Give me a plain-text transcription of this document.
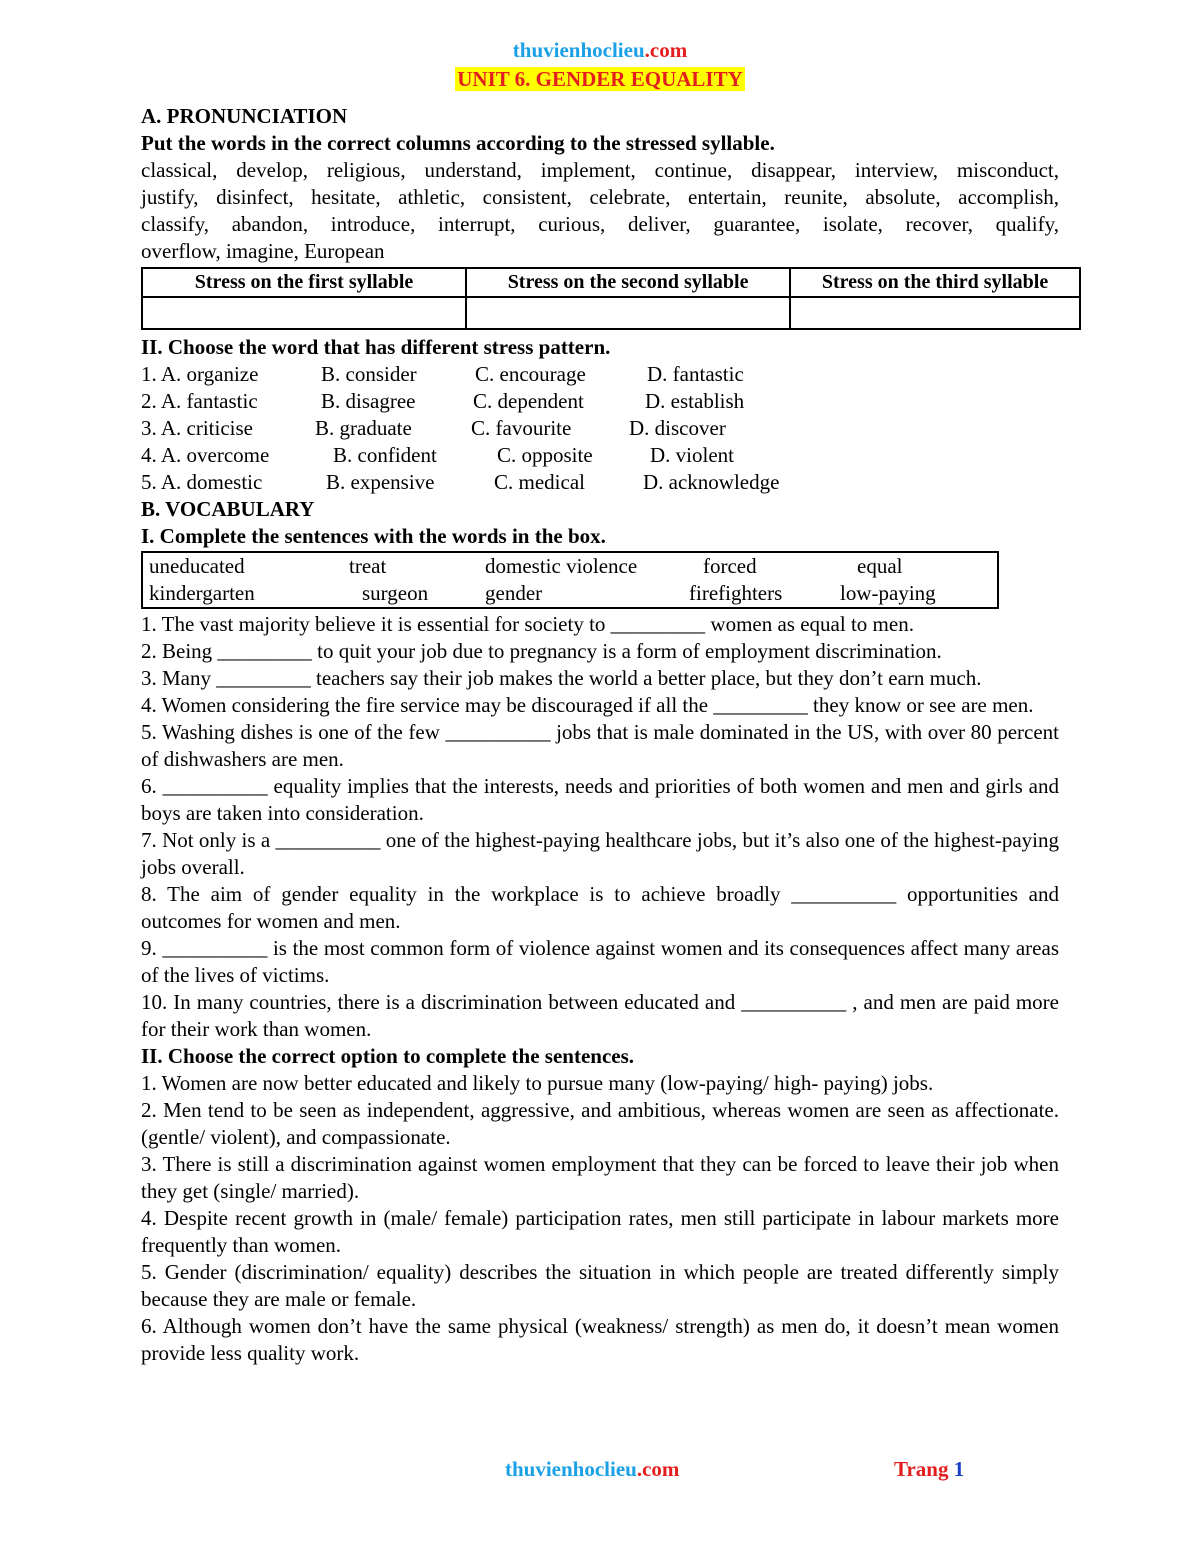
thuvienhoclieu.com
UNIT 6. GENDER EQUALITY
A. PRONUNCIATION
Put the words in the correct columns according to the stressed syllable.
classical, develop, religious, understand, implement, continue, disappear, interview, misconduct,
justify, disinfect, hesitate, athletic, consistent, celebrate, entertain, reunite, absolute, accomplish,
classify, abandon, introduce, interrupt, curious, deliver, guarantee, isolate, recover, qualify,
overflow, imagine, European
Stress on the first syllable	Stress on the second syllable	Stress on the third syllable

II. Choose the word that has different stress pattern.
1. A. organize	B. consider	C. encourage	D. fantastic
2. A. fantastic	B. disagree	C. dependent	D. establish
3. A. criticise	B. graduate	C. favourite	D. discover
4. A. overcome	B. confident	C. opposite	D. violent
5. A. domestic	B. expensive	C. medical	D. acknowledge
B. VOCABULARY
I. Complete the sentences with the words in the box.
uneducated	treat	domestic violence	forced	equal
kindergarten	surgeon	gender	firefighters	low-paying
1. The vast majority believe it is essential for society to _________ women as equal to men.
2. Being _________ to quit your job due to pregnancy is a form of employment discrimination.
3. Many _________ teachers say their job makes the world a better place, but they don’t earn much.
4. Women considering the fire service may be discouraged if all the _________ they know or see are men.
5. Washing dishes is one of the few __________ jobs that is male dominated in the US, with over 80 percent of dishwashers are men.
6. __________ equality implies that the interests, needs and priorities of both women and men and girls and boys are taken into consideration.
7. Not only is a __________ one of the highest-paying healthcare jobs, but it’s also one of the highest-paying jobs overall.
8. The aim of gender equality in the workplace is to achieve broadly __________ opportunities and outcomes for women and men.
9. __________ is the most common form of violence against women and its consequences affect many areas of the lives of victims.
10. In many countries, there is a discrimination between educated and __________ , and men are paid more for their work than women.
II. Choose the correct option to complete the sentences.
1. Women are now better educated and likely to pursue many (low-paying/ high- paying) jobs.
2. Men tend to be seen as independent, aggressive, and ambitious, whereas women are seen as affectionate. (gentle/ violent), and compassionate.
3. There is still a discrimination against women employment that they can be forced to leave their job when they get (single/ married).
4. Despite recent growth in (male/ female) participation rates, men still participate in labour markets more frequently than women.
5. Gender (discrimination/ equality) describes the situation in which people are treated differently simply because they are male or female.
6. Although women don’t have the same physical (weakness/ strength) as men do, it doesn’t mean women provide less quality work.
thuvienhoclieu.com	Trang 1
